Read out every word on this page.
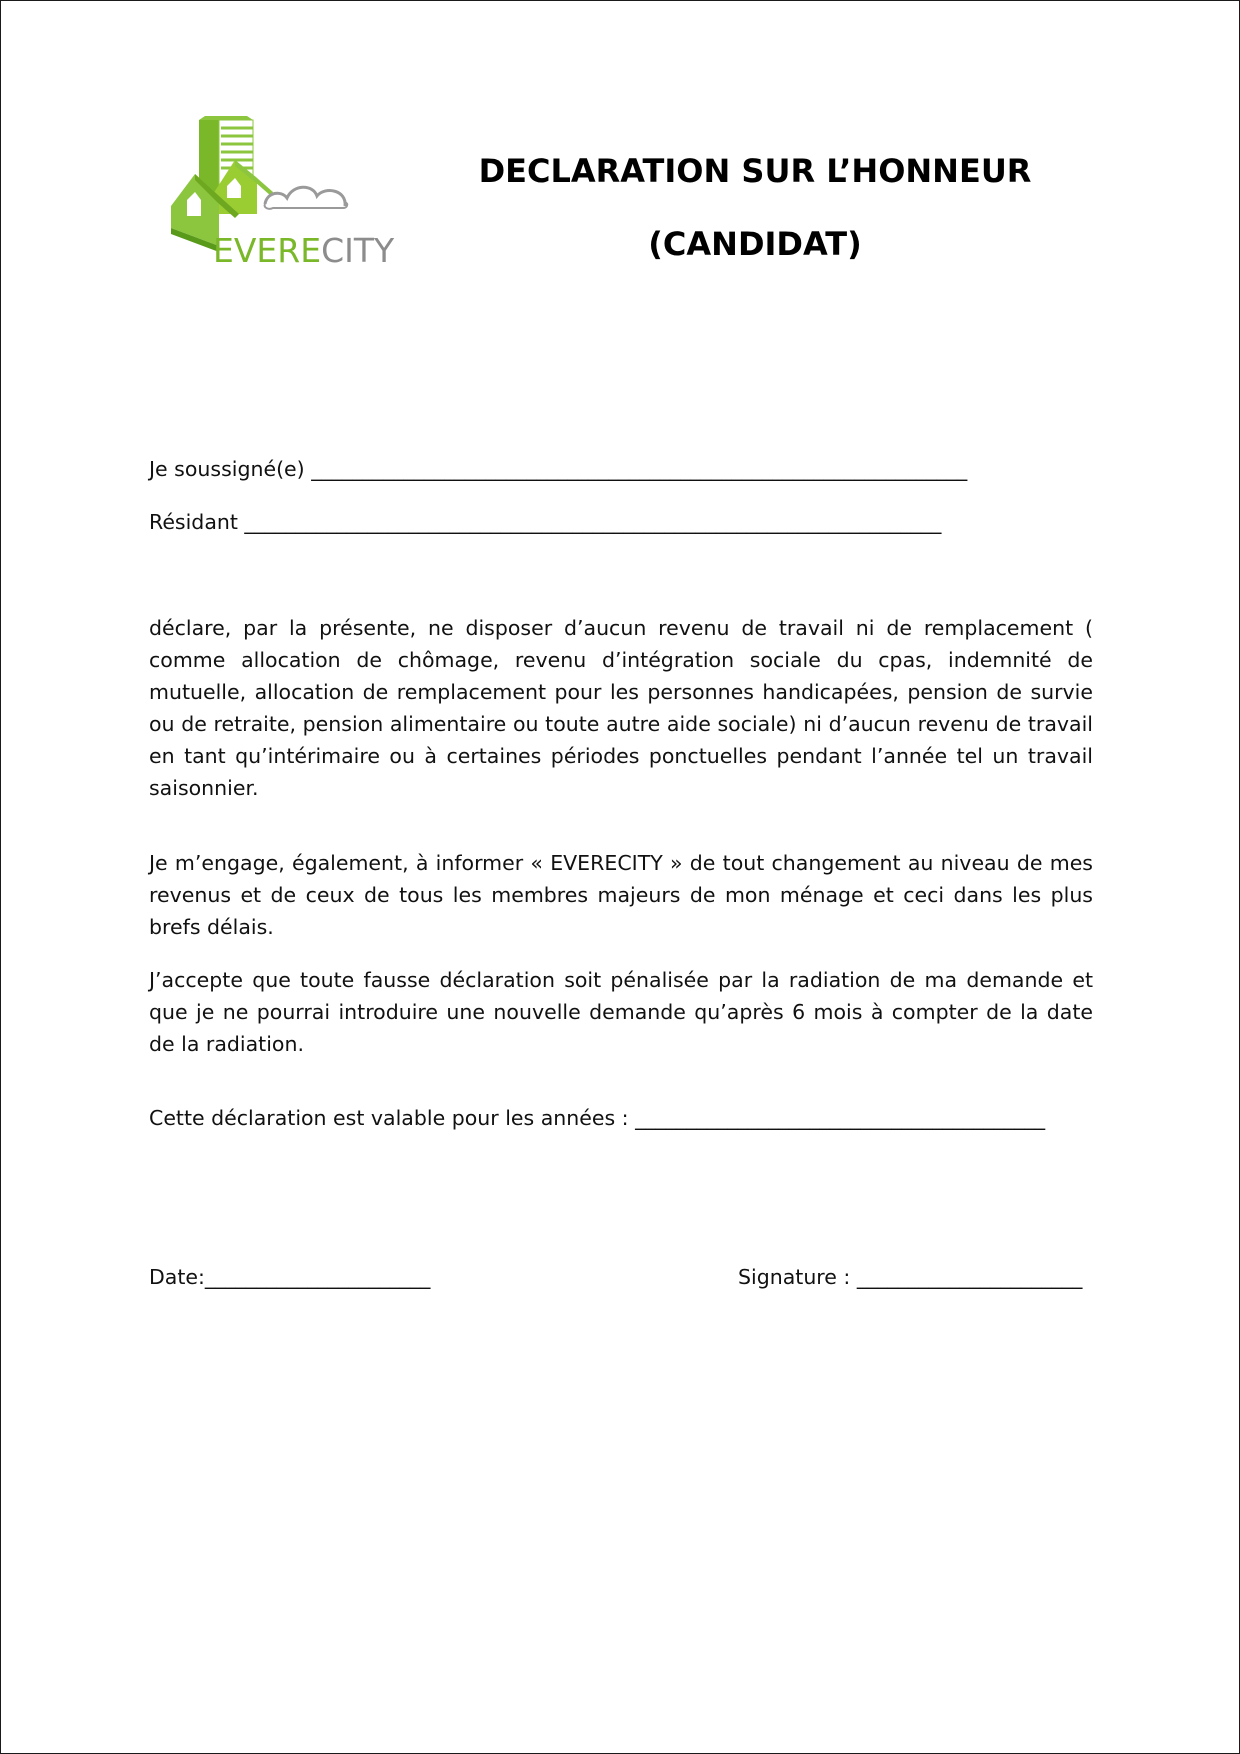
EVERECITY
DECLARATION SUR L’HONNEUR
(CANDIDAT)
Je soussigné(e) ________________________________________________________________
Résidant ____________________________________________________________________
déclare, par la présente, ne disposer d’aucun revenu de travail ni de remplacement ( comme allocation de chômage, revenu d’intégration sociale du cpas, indemnité de mutuelle, allocation de remplacement pour les personnes handicapées, pension de survie ou de retraite, pension alimentaire ou toute autre aide sociale) ni d’aucun revenu de travail en tant qu’intérimaire ou à certaines périodes ponctuelles pendant l’année tel un travail saisonnier.
Je m’engage, également, à informer « EVERECITY » de tout changement au niveau de mes revenus et de ceux de tous les membres majeurs de mon ménage et ceci dans les plus brefs délais.
J’accepte que toute fausse déclaration soit pénalisée par la radiation de ma demande et que je ne pourrai introduire une nouvelle demande qu’après 6 mois à compter de la date de la radiation.
Cette déclaration est valable pour les années : ________________________________________
Date:______________________	Signature : ______________________
